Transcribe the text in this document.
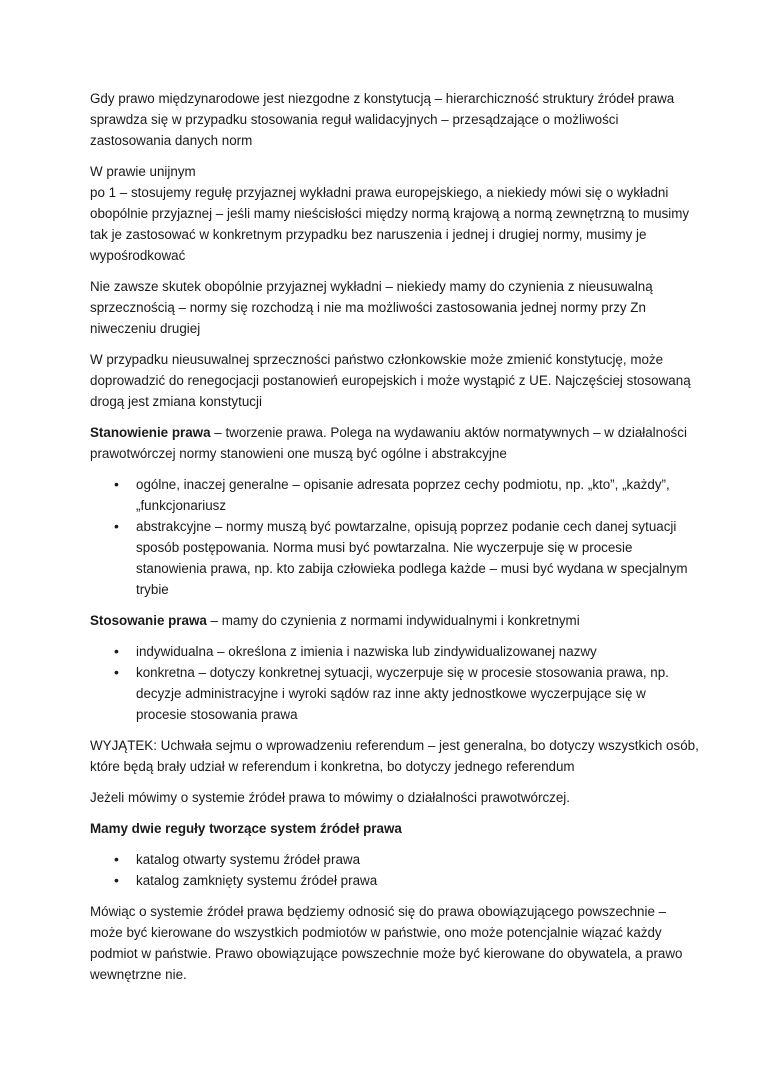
Gdy prawo międzynarodowe jest niezgodne z konstytucją – hierarchiczność struktury źródeł prawa
sprawdza się w przypadku stosowania reguł walidacyjnych – przesądzające o możliwości
zastosowania danych norm

W prawie unijnym
po 1 – stosujemy regułę przyjaznej wykładni prawa europejskiego, a niekiedy mówi się o wykładni
obopólnie przyjaznej – jeśli mamy nieścisłości między normą krajową a normą zewnętrzną to musimy
tak je zastosować w konkretnym przypadku bez naruszenia i jednej i drugiej normy, musimy je
wypośrodkować

Nie zawsze skutek obopólnie przyjaznej wykładni – niekiedy mamy do czynienia z nieusuwalną
sprzecznością – normy się rozchodzą i nie ma możliwości zastosowania jednej normy przy Zn
niweczeniu drugiej

W przypadku nieusuwalnej sprzeczności państwo członkowskie może zmienić konstytucję, może
doprowadzić do renegocjacji postanowień europejskich i może wystąpić z UE. Najczęściej stosowaną
drogą jest zmiana konstytucji

Stanowienie prawa – tworzenie prawa. Polega na wydawaniu aktów normatywnych – w działalności
prawotwórczej normy stanowieni one muszą być ogólne i abstrakcyjne

• ogólne, inaczej generalne – opisanie adresata poprzez cechy podmiotu, np. „kto”, „każdy”,
„funkcjonariusz
• abstrakcyjne – normy muszą być powtarzalne, opisują poprzez podanie cech danej sytuacji
sposób postępowania. Norma musi być powtarzalna. Nie wyczerpuje się w procesie
stanowienia prawa, np. kto zabija człowieka podlega każde – musi być wydana w specjalnym
trybie

Stosowanie prawa – mamy do czynienia z normami indywidualnymi i konkretnymi

• indywidualna – określona z imienia i nazwiska lub zindywidualizowanej nazwy
• konkretna – dotyczy konkretnej sytuacji, wyczerpuje się w procesie stosowania prawa, np.
decyzje administracyjne i wyroki sądów raz inne akty jednostkowe wyczerpujące się w
procesie stosowania prawa

WYJĄTEK: Uchwała sejmu o wprowadzeniu referendum – jest generalna, bo dotyczy wszystkich osób,
które będą brały udział w referendum i konkretna, bo dotyczy jednego referendum

Jeżeli mówimy o systemie źródeł prawa to mówimy o działalności prawotwórczej.

Mamy dwie reguły tworzące system źródeł prawa

• katalog otwarty systemu źródeł prawa
• katalog zamknięty systemu źródeł prawa

Mówiąc o systemie źródeł prawa będziemy odnosić się do prawa obowiązującego powszechnie –
może być kierowane do wszystkich podmiotów w państwie, ono może potencjalnie wiązać każdy
podmiot w państwie. Prawo obowiązujące powszechnie może być kierowane do obywatela, a prawo
wewnętrzne nie.
